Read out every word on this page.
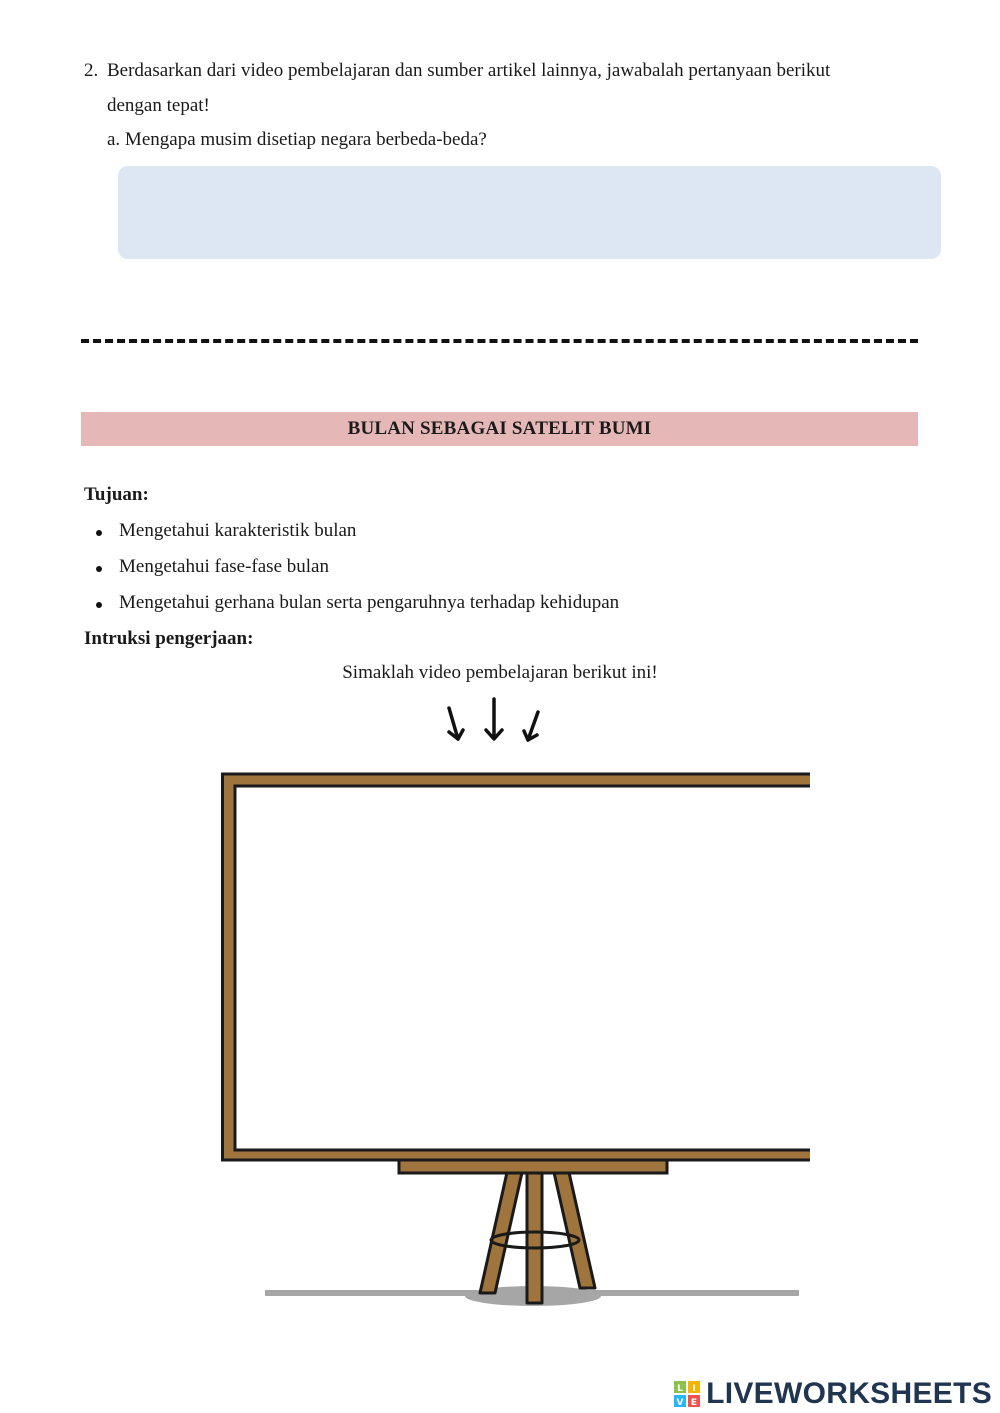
2. Berdasarkan dari video pembelajaran dan sumber artikel lainnya, jawabalah pertanyaan berikut
dengan tepat!
a. Mengapa musim disetiap negara berbeda-beda?
BULAN SEBAGAI SATELIT BUMI
Tujuan:
Mengetahui karakteristik bulan
Mengetahui fase-fase bulan
Mengetahui gerhana bulan serta pengaruhnya terhadap kehidupan
Intruksi pengerjaan:
Simaklah video pembelajaran berikut ini!
L I
V E LIVEWORKSHEETS
